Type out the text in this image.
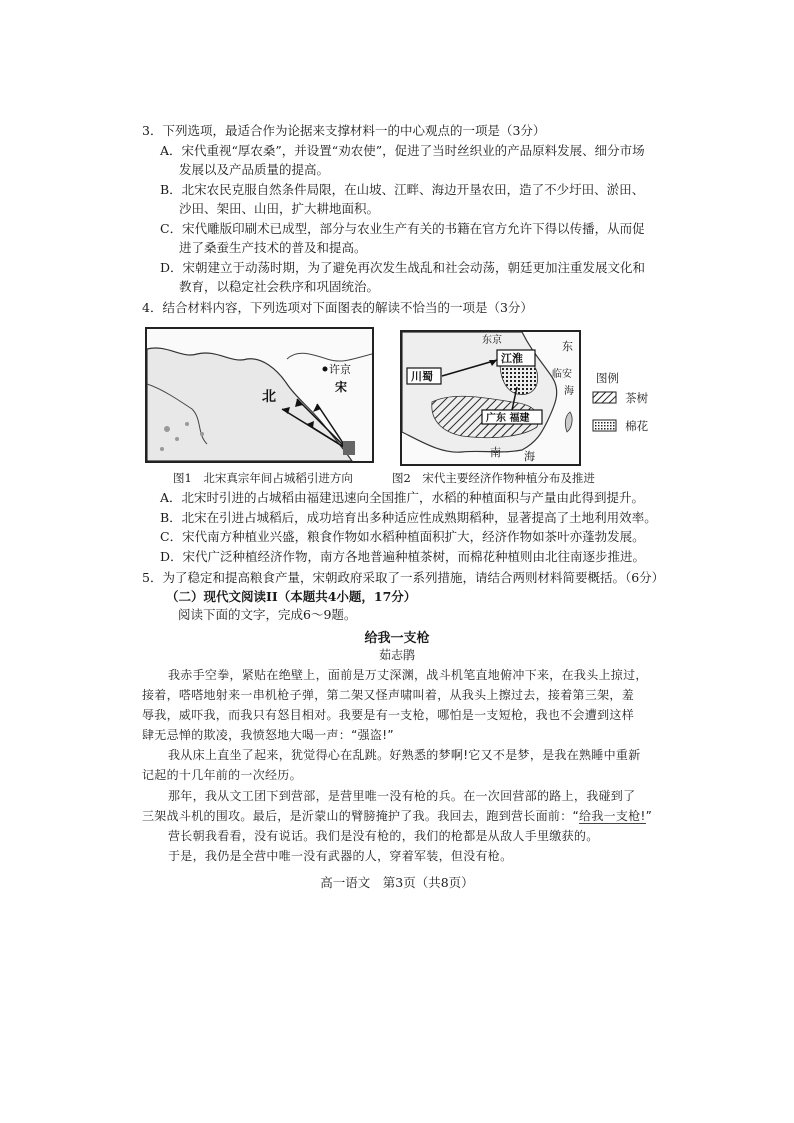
3．下列选项，最适合作为论据来支撑材料一的中心观点的一项是（3分）
A．宋代重视“厚农桑”，并设置“劝农使”，促进了当时丝织业的产品原料发展、细分市场
发展以及产品质量的提高。
B．北宋农民克服自然条件局限，在山坡、江畔、海边开垦农田，造了不少圩田、淤田、
沙田、架田、山田，扩大耕地面积。
C．宋代雕版印刷术已成型，部分与农业生产有关的书籍在官方允许下得以传播，从而促
进了桑蚕生产技术的普及和提高。
D．宋朝建立于动荡时期，为了避免再次发生战乱和社会动荡，朝廷更加注重发展文化和
教育，以稳定社会秩序和巩固统治。
4．结合材料内容，下列选项对下面图表的解读不恰当的一项是（3分）
许京
北
宋
图1　北宋真宗年间占城稻引进方向
东京	东
江淮
川蜀	临安
海
广东 福建
南 海
图例
茶树
棉花
图2　宋代主要经济作物种植分布及推进
A．北宋时引进的占城稻由福建迅速向全国推广，水稻的种植面积与产量由此得到提升。
B．北宋在引进占城稻后，成功培育出多种适应性成熟期稻种，显著提高了土地利用效率。
C．宋代南方种植业兴盛，粮食作物如水稻种植面积扩大，经济作物如茶叶亦蓬勃发展。
D．宋代广泛种植经济作物，南方各地普遍种植茶树，而棉花种植则由北往南逐步推进。
5．为了稳定和提高粮食产量，宋朝政府采取了一系列措施，请结合两则材料简要概括。（6分）
（二）现代文阅读II（本题共4小题，17分）
阅读下面的文字，完成6～9题。
给我一支枪
茹志鹃
我赤手空拳，紧贴在绝壁上，面前是万丈深渊，战斗机笔直地俯冲下来，在我头上掠过，
接着，嗒嗒地射来一串机枪子弹，第二架又怪声啸叫着，从我头上擦过去，接着第三架，羞
辱我，威吓我，而我只有怒目相对。我要是有一支枪，哪怕是一支短枪，我也不会遭到这样
肆无忌惮的欺凌，我愤怒地大喝一声：“强盗!”
我从床上直坐了起来，犹觉得心在乱跳。好熟悉的梦啊!它又不是梦，是我在熟睡中重新
记起的十几年前的一次经历。
那年，我从文工团下到营部，是营里唯一没有枪的兵。在一次回营部的路上，我碰到了
三架战斗机的围攻。最后，是沂蒙山的臂膀掩护了我。我回去，跑到营长面前：“给我一支枪!”
营长朝我看看，没有说话。我们是没有枪的，我们的枪都是从敌人手里缴获的。
于是，我仍是全营中唯一没有武器的人，穿着军装，但没有枪。
高一语文　第3页（共8页）
